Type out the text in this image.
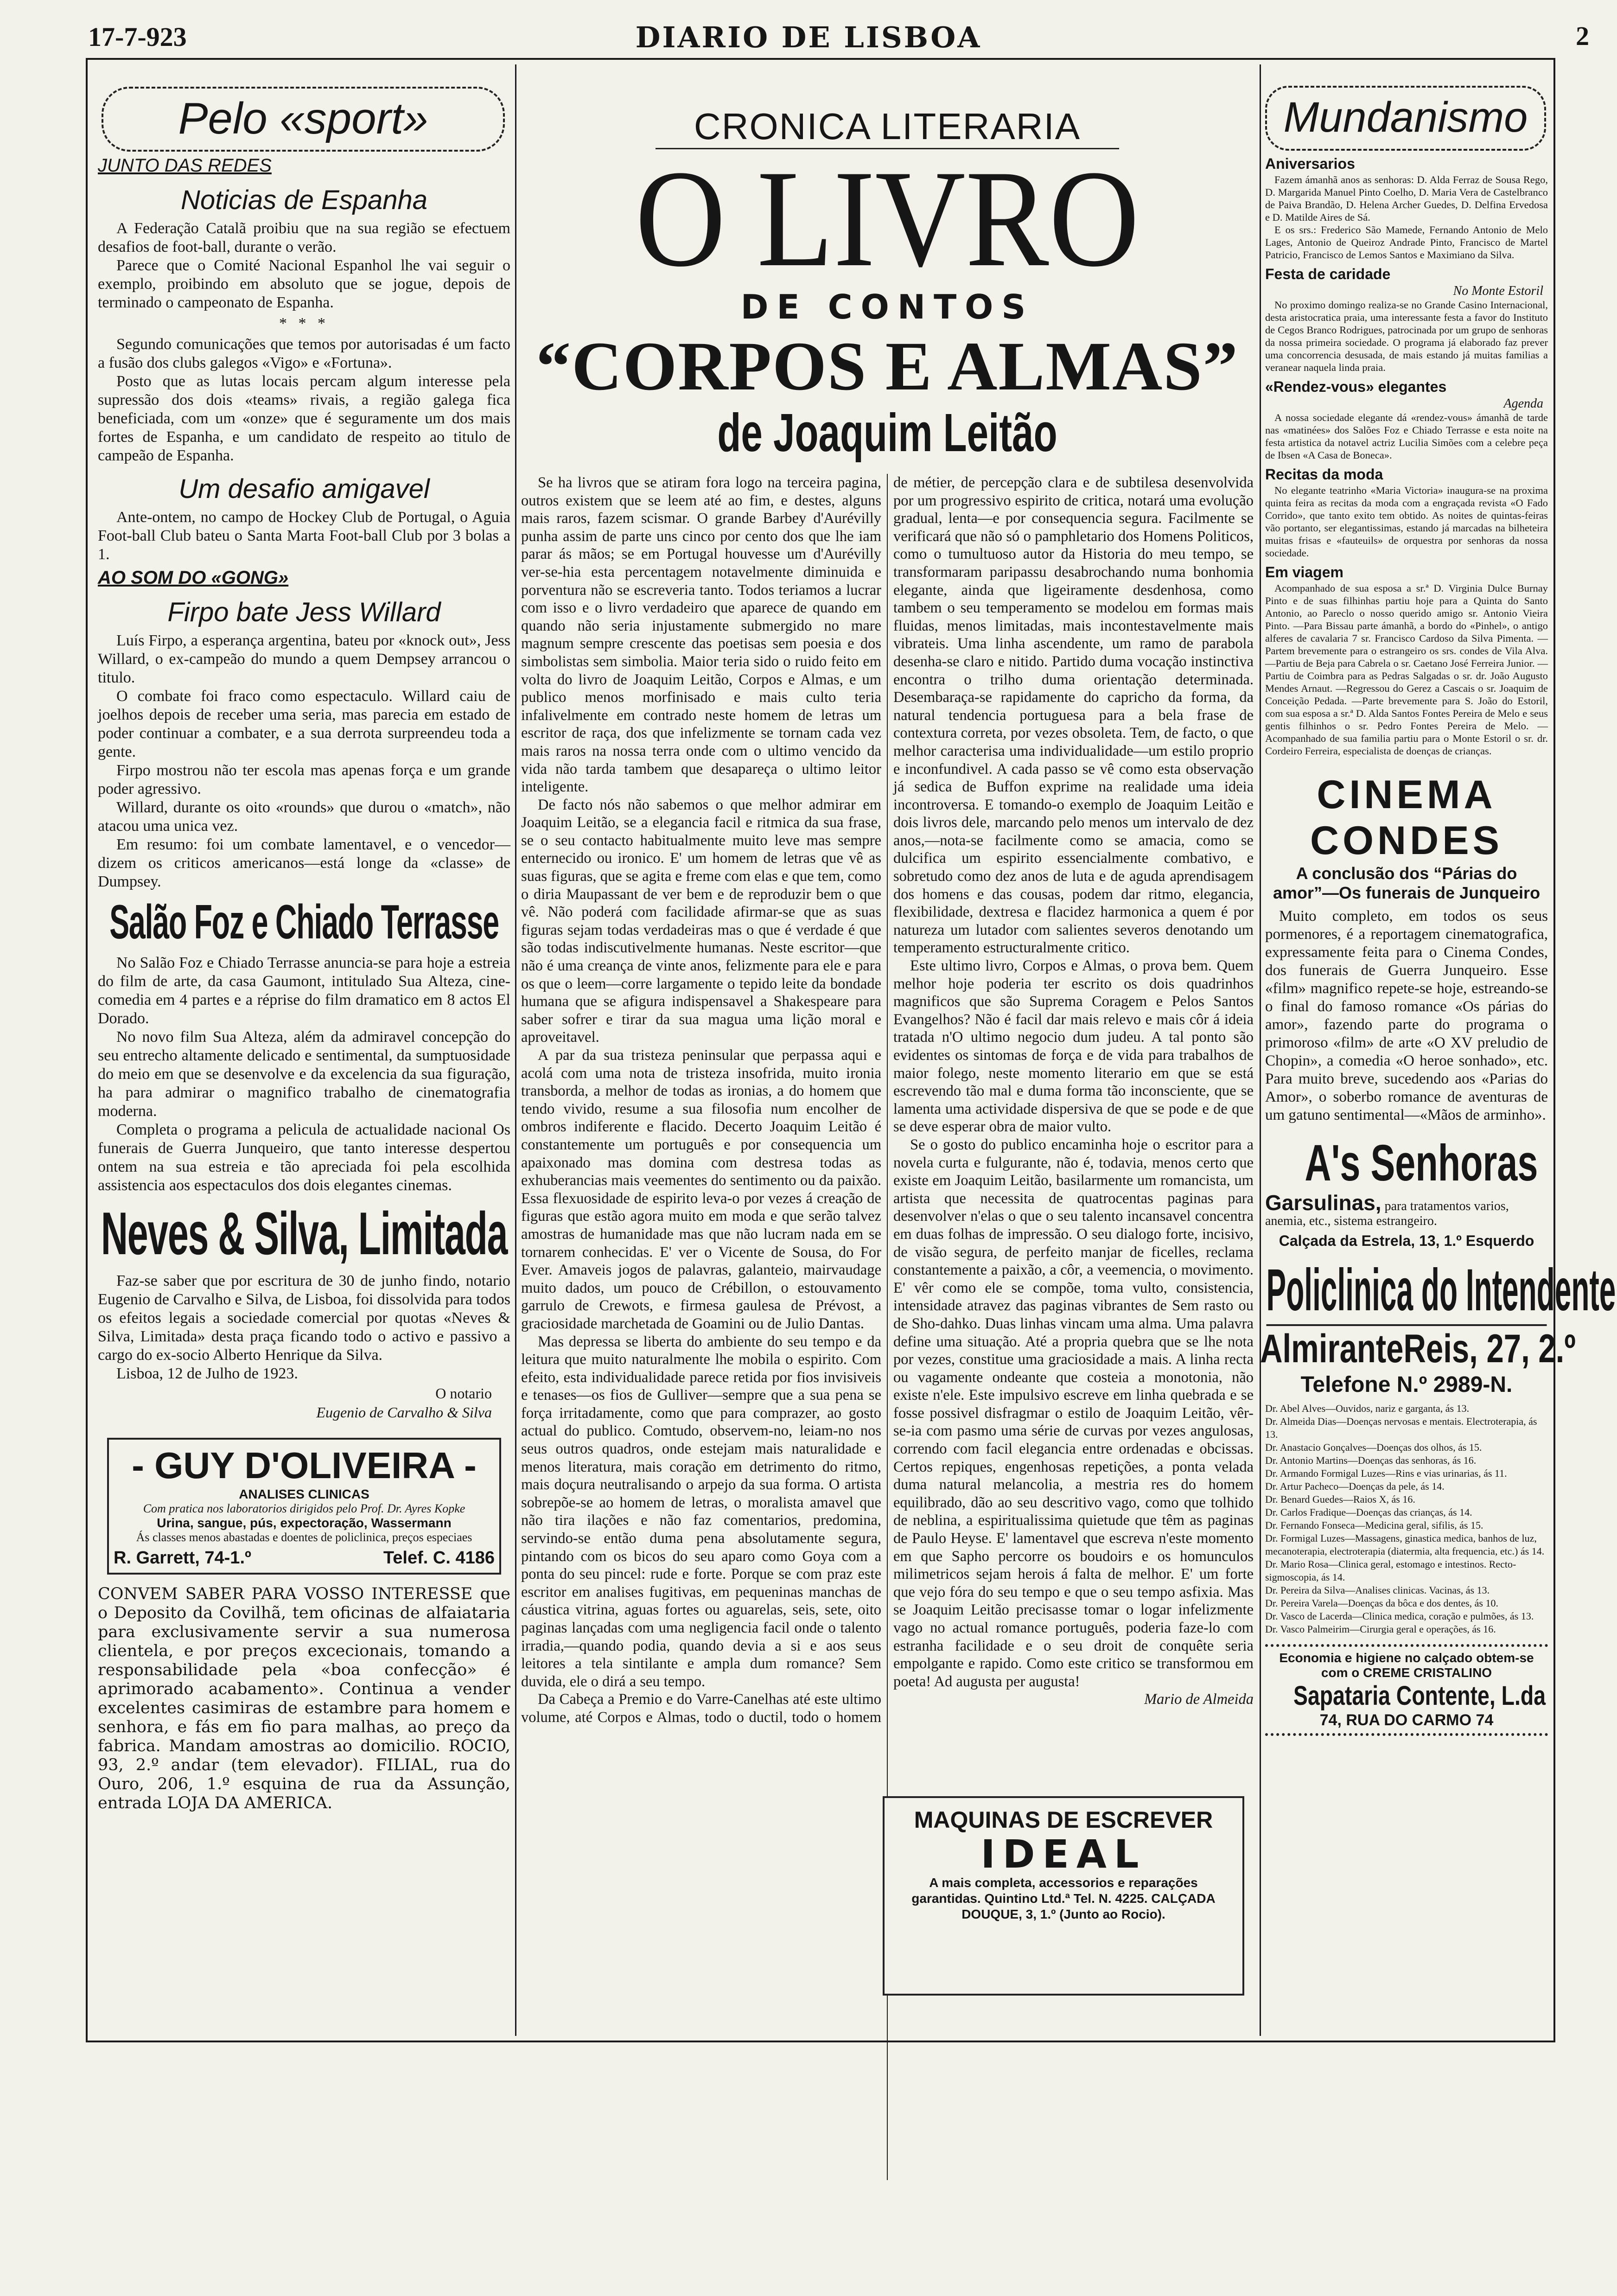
17-7-923	DIARIO DE LISBOA	2
Pelo «sport»
JUNTO DAS REDES
Noticias de Espanha

A Federação Catalã proibiu que na sua região se efectuem desafios de foot-ball, durante o verão.

Parece que o Comité Nacional Espanhol lhe vai seguir o exemplo, proibindo em absoluto que se jogue, depois de terminado o campeonato de Espanha.

* * *

Segundo comunicações que temos por autorisadas é um facto a fusão dos clubs galegos «Vigo» e «Fortuna».

Posto que as lutas locais percam algum interesse pela supressão dos dois «teams» rivais, a região galega fica beneficiada, com um «onze» que é seguramente um dos mais fortes de Espanha, e um candidato de respeito ao titulo de campeão de Espanha.

Um desafio amigavel

Ante-ontem, no campo de Hockey Club de Portugal, o Aguia Foot-ball Club bateu o Santa Marta Foot-ball Club por 3 bolas a 1.

AO SOM DO «GONG»
Firpo bate Jess Willard

Luís Firpo, a esperança argentina, bateu por «knock out», Jess Willard, o ex-campeão do mundo a quem Dempsey arrancou o titulo.

O combate foi fraco como espectaculo. Willard caiu de joelhos depois de receber uma seria, mas parecia em estado de poder continuar a combater, e a sua derrota surpreendeu toda a gente.

Firpo mostrou não ter escola mas apenas força e um grande poder agressivo.

Willard, durante os oito «rounds» que durou o «match», não atacou uma unica vez.

Em resumo: foi um combate lamentavel, e o vencedor—dizem os criticos americanos—está longe da «classe» de Dumpsey.

Salão Foz e Chiado Terrasse

No Salão Foz e Chiado Terrasse anuncia-se para hoje a estreia do film de arte, da casa Gaumont, intitulado Sua Alteza, cine-comedia em 4 partes e a réprise do film dramatico em 8 actos El Dorado.

No novo film Sua Alteza, além da admiravel concepção do seu entrecho altamente delicado e sentimental, da sumptuosidade do meio em que se desenvolve e da excelencia da sua figuração, ha para admirar o magnifico trabalho de cinematografia moderna.

Completa o programa a pelicula de actualidade nacional Os funerais de Guerra Junqueiro, que tanto interesse despertou ontem na sua estreia e tão apreciada foi pela escolhida assistencia aos espectaculos dos dois elegantes cinemas.

Neves & Silva, Limitada

Faz-se saber que por escritura de 30 de junho findo, notario Eugenio de Carvalho e Silva, de Lisboa, foi dissolvida para todos os efeitos legais a sociedade comercial por quotas «Neves & Silva, Limitada» desta praça ficando todo o activo e passivo a cargo do ex-socio Alberto Henrique da Silva.

Lisboa, 12 de Julho de 1923.

O notario
Eugenio de Carvalho & Silva
- GUY D'OLIVEIRA -
ANALISES CLINICAS
Com pratica nos laboratorios dirigidos pelo Prof. Dr. Ayres Kopke
Urina, sangue, pús, expectoração, Wassermann
Ás classes menos abastadas e doentes de policlinica, preços especiaes
R. Garrett, 74-1.º	Telef. C. 4186
CONVEM SABER PARA VOSSO INTERESSE que o Deposito da Covilhã, tem oficinas de alfaiataria para exclusivamente servir a sua numerosa clientela, e por preços excecionais, tomando a responsabilidade pela «boa confecção» é aprimorado acabamento». Continua a vender excelentes casimiras de estambre para homem e senhora, e fás em fio para malhas, ao preço da fabrica. Mandam amostras ao domicilio. ROCIO, 93, 2.º andar (tem elevador). FILIAL, rua do Ouro, 206, 1.º esquina de rua da Assunção, entrada LOJA DA AMERICA.
CRONICA LITERARIA
O LIVRO
DE CONTOS
“CORPOS E ALMAS”
de Joaquim Leitão

Se ha livros que se atiram fora logo na terceira pagina, outros existem que se leem até ao fim, e destes, alguns mais raros, fazem scismar. O grande Barbey d'Aurévilly punha assim de parte uns cinco por cento dos que lhe iam parar ás mãos; se em Portugal houvesse um d'Aurévilly ver-se-hia esta percentagem notavelmente diminuida e porventura não se escreveria tanto. Todos teriamos a lucrar com isso e o livro verdadeiro que aparece de quando em quando não seria injustamente submergido no mare magnum sempre crescente das poetisas sem poesia e dos simbolistas sem simbolia. Maior teria sido o ruido feito em volta do livro de Joaquim Leitão, Corpos e Almas, e um publico menos morfinisado e mais culto teria infalivelmente em contrado neste homem de letras um escritor de raça, dos que infelizmente se tornam cada vez mais raros na nossa terra onde com o ultimo vencido da vida não tarda tambem que desapareça o ultimo leitor inteligente.

De facto nós não sabemos o que melhor admirar em Joaquim Leitão, se a elegancia facil e ritmica da sua frase, se o seu contacto habitualmente muito leve mas sempre enternecido ou ironico. E' um homem de letras que vê as suas figuras, que se agita e freme com elas e que tem, como o diria Maupassant de ver bem e de reproduzir bem o que vê. Não poderá com facilidade afirmar-se que as suas figuras sejam todas verdadeiras mas o que é verdade é que são todas indiscutivelmente humanas. Neste escritor—que não é uma creança de vinte anos, felizmente para ele e para os que o leem—corre largamente o tepido leite da bondade humana que se afigura indispensavel a Shakespeare para saber sofrer e tirar da sua magua uma lição moral e aproveitavel.

A par da sua tristeza peninsular que perpassa aqui e acolá com uma nota de tristeza insofrida, muito ironia transborda, a melhor de todas as ironias, a do homem que tendo vivido, resume a sua filosofia num encolher de ombros indiferente e flacido. Decerto Joaquim Leitão é constantemente um português e por consequencia um apaixonado mas domina com destresa todas as exhuberancias mais veementes do sentimento ou da paixão. Essa flexuosidade de espirito leva-o por vezes á creação de figuras que estão agora muito em moda e que serão talvez amostras de humanidade mas que não lucram nada em se tornarem conhecidas. E' ver o Vicente de Sousa, do For Ever. Amaveis jogos de palavras, galanteio, mairvaudage muito dados, um pouco de Crébillon, o estouvamento garrulo de Crewots, e firmesa gaulesa de Prévost, a graciosidade marchetada de Goamini ou de Julio Dantas.

Mas depressa se liberta do ambiente do seu tempo e da leitura que muito naturalmente lhe mobila o espirito. Com efeito, esta individualidade parece retida por fios invisiveis e tenases—os fios de Gulliver—sempre que a sua pena se força irritadamente, como que para comprazer, ao gosto actual do publico. Comtudo, observem-no, leiam-no nos seus outros quadros, onde estejam mais naturalidade e menos literatura, mais coração em detrimento do ritmo, mais doçura neutralisando o arpejo da sua forma. O artista sobrepõe-se ao homem de letras, o moralista amavel que não tira ilações e não faz comentarios, predomina, servindo-se então duma pena absolutamente segura, pintando com os bicos do seu aparo como Goya com a ponta do seu pincel: rude e forte. Porque se com praz este escritor em analises fugitivas, em pequeninas manchas de cáustica vitrina, aguas fortes ou aguarelas, seis, sete, oito paginas lançadas com uma negligencia facil onde o talento irradia,—quando podia, quando devia a si e aos seus leitores a tela sintilante e ampla dum romance? Sem duvida, ele o dirá a seu tempo.

Da Cabeça a Premio e do Varre-Canelhas até este ultimo volume, até Corpos e Almas, todo o ductil, todo o homem de métier, de percepção clara e de subtilesa desenvolvida por um progressivo espirito de critica, notará uma evolução gradual, lenta—e por consequencia segura. Facilmente se verificará que não só o pamphletario dos Homens Politicos, como o tumultuoso autor da Historia do meu tempo, se transformaram paripassu desabrochando numa bonhomia elegante, ainda que ligeiramente desdenhosa, como tambem o seu temperamento se modelou em formas mais fluidas, menos limitadas, mais incontestavelmente mais vibrateis. Uma linha ascendente, um ramo de parabola desenha-se claro e nitido. Partido duma vocação instinctiva encontra o trilho duma orientação determinada. Desembaraça-se rapidamente do capricho da forma, da natural tendencia portuguesa para a bela frase de contextura correta, por vezes obsoleta. Tem, de facto, o que melhor caracterisa uma individualidade—um estilo proprio e inconfundivel. A cada passo se vê como esta observação já sedica de Buffon exprime na realidade uma ideia incontroversa. E tomando-o exemplo de Joaquim Leitão e dois livros dele, marcando pelo menos um intervalo de dez anos,—nota-se facilmente como se amacia, como se dulcifica um espirito essencialmente combativo, e sobretudo como dez anos de luta e de aguda aprendisagem dos homens e das cousas, podem dar ritmo, elegancia, flexibilidade, dextresa e flacidez harmonica a quem é por natureza um lutador com salientes severos denotando um temperamento estructuralmente critico.

Este ultimo livro, Corpos e Almas, o prova bem. Quem melhor hoje poderia ter escrito os dois quadrinhos magnificos que são Suprema Coragem e Pelos Santos Evangelhos? Não é facil dar mais relevo e mais côr á ideia tratada n'O ultimo negocio dum judeu. A tal ponto são evidentes os sintomas de força e de vida para trabalhos de maior folego, neste momento literario em que se está escrevendo tão mal e duma forma tão inconsciente, que se lamenta uma actividade dispersiva de que se pode e de que se deve esperar obra de maior vulto.

Se o gosto do publico encaminha hoje o escritor para a novela curta e fulgurante, não é, todavia, menos certo que existe em Joaquim Leitão, basilarmente um romancista, um artista que necessita de quatrocentas paginas para desenvolver n'elas o que o seu talento incansavel concentra em duas folhas de impressão. O seu dialogo forte, incisivo, de visão segura, de perfeito manjar de ficelles, reclama constantemente a paixão, a côr, a veemencia, o movimento. E' vêr como ele se compõe, toma vulto, consistencia, intensidade atravez das paginas vibrantes de Sem rasto ou de Sho-dahko. Duas linhas vincam uma alma. Uma palavra define uma situação. Até a propria quebra que se lhe nota por vezes, constitue uma graciosidade a mais. A linha recta ou vagamente ondeante que costeia a monotonia, não existe n'ele. Este impulsivo escreve em linha quebrada e se fosse possivel disfragmar o estilo de Joaquim Leitão, vêr-se-ia com pasmo uma série de curvas por vezes angulosas, correndo com facil elegancia entre ordenadas e obcissas. Certos repiques, engenhosas repetições, a ponta velada duma natural melancolia, a mestria res do homem equilibrado, dão ao seu descritivo vago, como que tolhido de neblina, a espiritualissima quietude que têm as paginas de Paulo Heyse. E' lamentavel que escreva n'este momento em que Sapho percorre os boudoirs e os homunculos milimetricos sejam herois á falta de melhor. E' um forte que vejo fóra do seu tempo e que o seu tempo asfixia. Mas se Joaquim Leitão precisasse tomar o logar infelizmente vago no actual romance português, poderia faze-lo com estranha facilidade e o seu droit de conquête seria empolgante e rapido. Como este critico se transformou em poeta! Ad augusta per augusta!

Mario de Almeida

MAQUINAS DE ESCREVER
IDEAL
A mais completa, accessorios e reparações garantidas. Quintino Ltd.ª Tel. N. 4225. CALÇADA DOUQUE, 3, 1.º (Junto ao Rocio).
Mundanismo
Aniversarios

Fazem ámanhã anos as senhoras: D. Alda Ferraz de Sousa Rego, D. Margarida Manuel Pinto Coelho, D. Maria Vera de Castelbranco de Paiva Brandão, D. Helena Archer Guedes, D. Delfina Ervedosa e D. Matilde Aires de Sá.

E os srs.: Frederico São Mamede, Fernando Antonio de Melo Lages, Antonio de Queiroz Andrade Pinto, Francisco de Martel Patricio, Francisco de Lemos Santos e Maximiano da Silva.

Festa de caridade

No Monte Estoril

No proximo domingo realiza-se no Grande Casino Internacional, desta aristocratica praia, uma interessante festa a favor do Instituto de Cegos Branco Rodrigues, patrocinada por um grupo de senhoras da nossa primeira sociedade. O programa já elaborado faz prever uma concorrencia desusada, de mais estando já muitas familias a veranear naquela linda praia.

«Rendez-vous» elegantes

Agenda

A nossa sociedade elegante dá «rendez-vous» ámanhã de tarde nas «matinées» dos Salões Foz e Chiado Terrasse e esta noite na festa artistica da notavel actriz Lucilia Simões com a celebre peça de Ibsen «A Casa de Boneca».

Recitas da moda

No elegante teatrinho «Maria Victoria» inaugura-se na proxima quinta feira as recitas da moda com a engraçada revista «O Fado Corrido», que tanto exito tem obtido. As noites de quintas-feiras vão portanto, ser elegantissimas, estando já marcadas na bilheteira muitas frisas e «fauteuils» de orquestra por senhoras da nossa sociedade.

Em viagem

Acompanhado de sua esposa a sr.ª D. Virginia Dulce Burnay Pinto e de suas filhinhas partiu hoje para a Quinta do Santo Antonio, ao Pareclo o nosso querido amigo sr. Antonio Vieira Pinto. —Para Bissau parte ámanhã, a bordo do «Pinhel», o antigo alferes de cavalaria 7 sr. Francisco Cardoso da Silva Pimenta. —Partem brevemente para o estrangeiro os srs. condes de Vila Alva. —Partiu de Beja para Cabrela o sr. Caetano José Ferreira Junior. —Partiu de Coimbra para as Pedras Salgadas o sr. dr. João Augusto Mendes Arnaut. —Regressou do Gerez a Cascais o sr. Joaquim de Conceição Pedada. —Parte brevemente para S. João do Estoril, com sua esposa a sr.ª D. Alda Santos Fontes Pereira de Melo e seus gentis filhinhos o sr. Pedro Fontes Pereira de Melo. —Acompanhado de sua familia partiu para o Monte Estoril o sr. dr. Cordeiro Ferreira, especialista de doenças de crianças.

CINEMA CONDES
A conclusão dos “Párias do amor”—Os funerais de Junqueiro

Muito completo, em todos os seus pormenores, é a reportagem cinematografica, expressamente feita para o Cinema Condes, dos funerais de Guerra Junqueiro. Esse «film» magnifico repete-se hoje, estreando-se o final do famoso romance «Os párias do amor», fazendo parte do programa o primoroso «film» de arte «O XV preludio de Chopin», a comedia «O heroe sonhado», etc. Para muito breve, sucedendo aos «Parias do Amor», o soberbo romance de aventuras de um gatuno sentimental—«Mãos de arminho».

A's Senhoras
Garsulinas, para tratamentos varios, anemia, etc., sistema estrangeiro.
Calçada da Estrela, 13, 1.º Esquerdo
Policlinica do Intendente
AlmiranteReis, 27, 2.º
Telefone N.º 2989-N.
Dr. Abel Alves—Ouvidos, nariz e garganta, ás 13.
Dr. Almeida Dias—Doenças nervosas e mentais. Electroterapia, ás 13.
Dr. Anastacio Gonçalves—Doenças dos olhos, ás 15.
Dr. Antonio Martins—Doenças das senhoras, ás 16.
Dr. Armando Formigal Luzes—Rins e vias urinarias, ás 11.
Dr. Artur Pacheco—Doenças da pele, ás 14.
Dr. Benard Guedes—Raios X, ás 16.
Dr. Carlos Fradique—Doenças das crianças, ás 14.
Dr. Fernando Fonseca—Medicina geral, sifilis, ás 15.
Dr. Formigal Luzes—Massagens, ginastica medica, banhos de luz, mecanoterapia, electroterapia (diatermia, alta frequencia, etc.) ás 14.
Dr. Mario Rosa—Clinica geral, estomago e intestinos. Recto-sigmoscopia, ás 14.
Dr. Pereira da Silva—Analises clinicas. Vacinas, ás 13.
Dr. Pereira Varela—Doenças da bôca e dos dentes, ás 10.
Dr. Vasco de Lacerda—Clinica medica, coração e pulmões, ás 13.
Dr. Vasco Palmeirim—Cirurgia geral e operações, ás 16.
Economia e higiene no calçado obtem-se com o CREME CRISTALINO
Sapataria Contente, L.da
74, RUA DO CARMO 74
